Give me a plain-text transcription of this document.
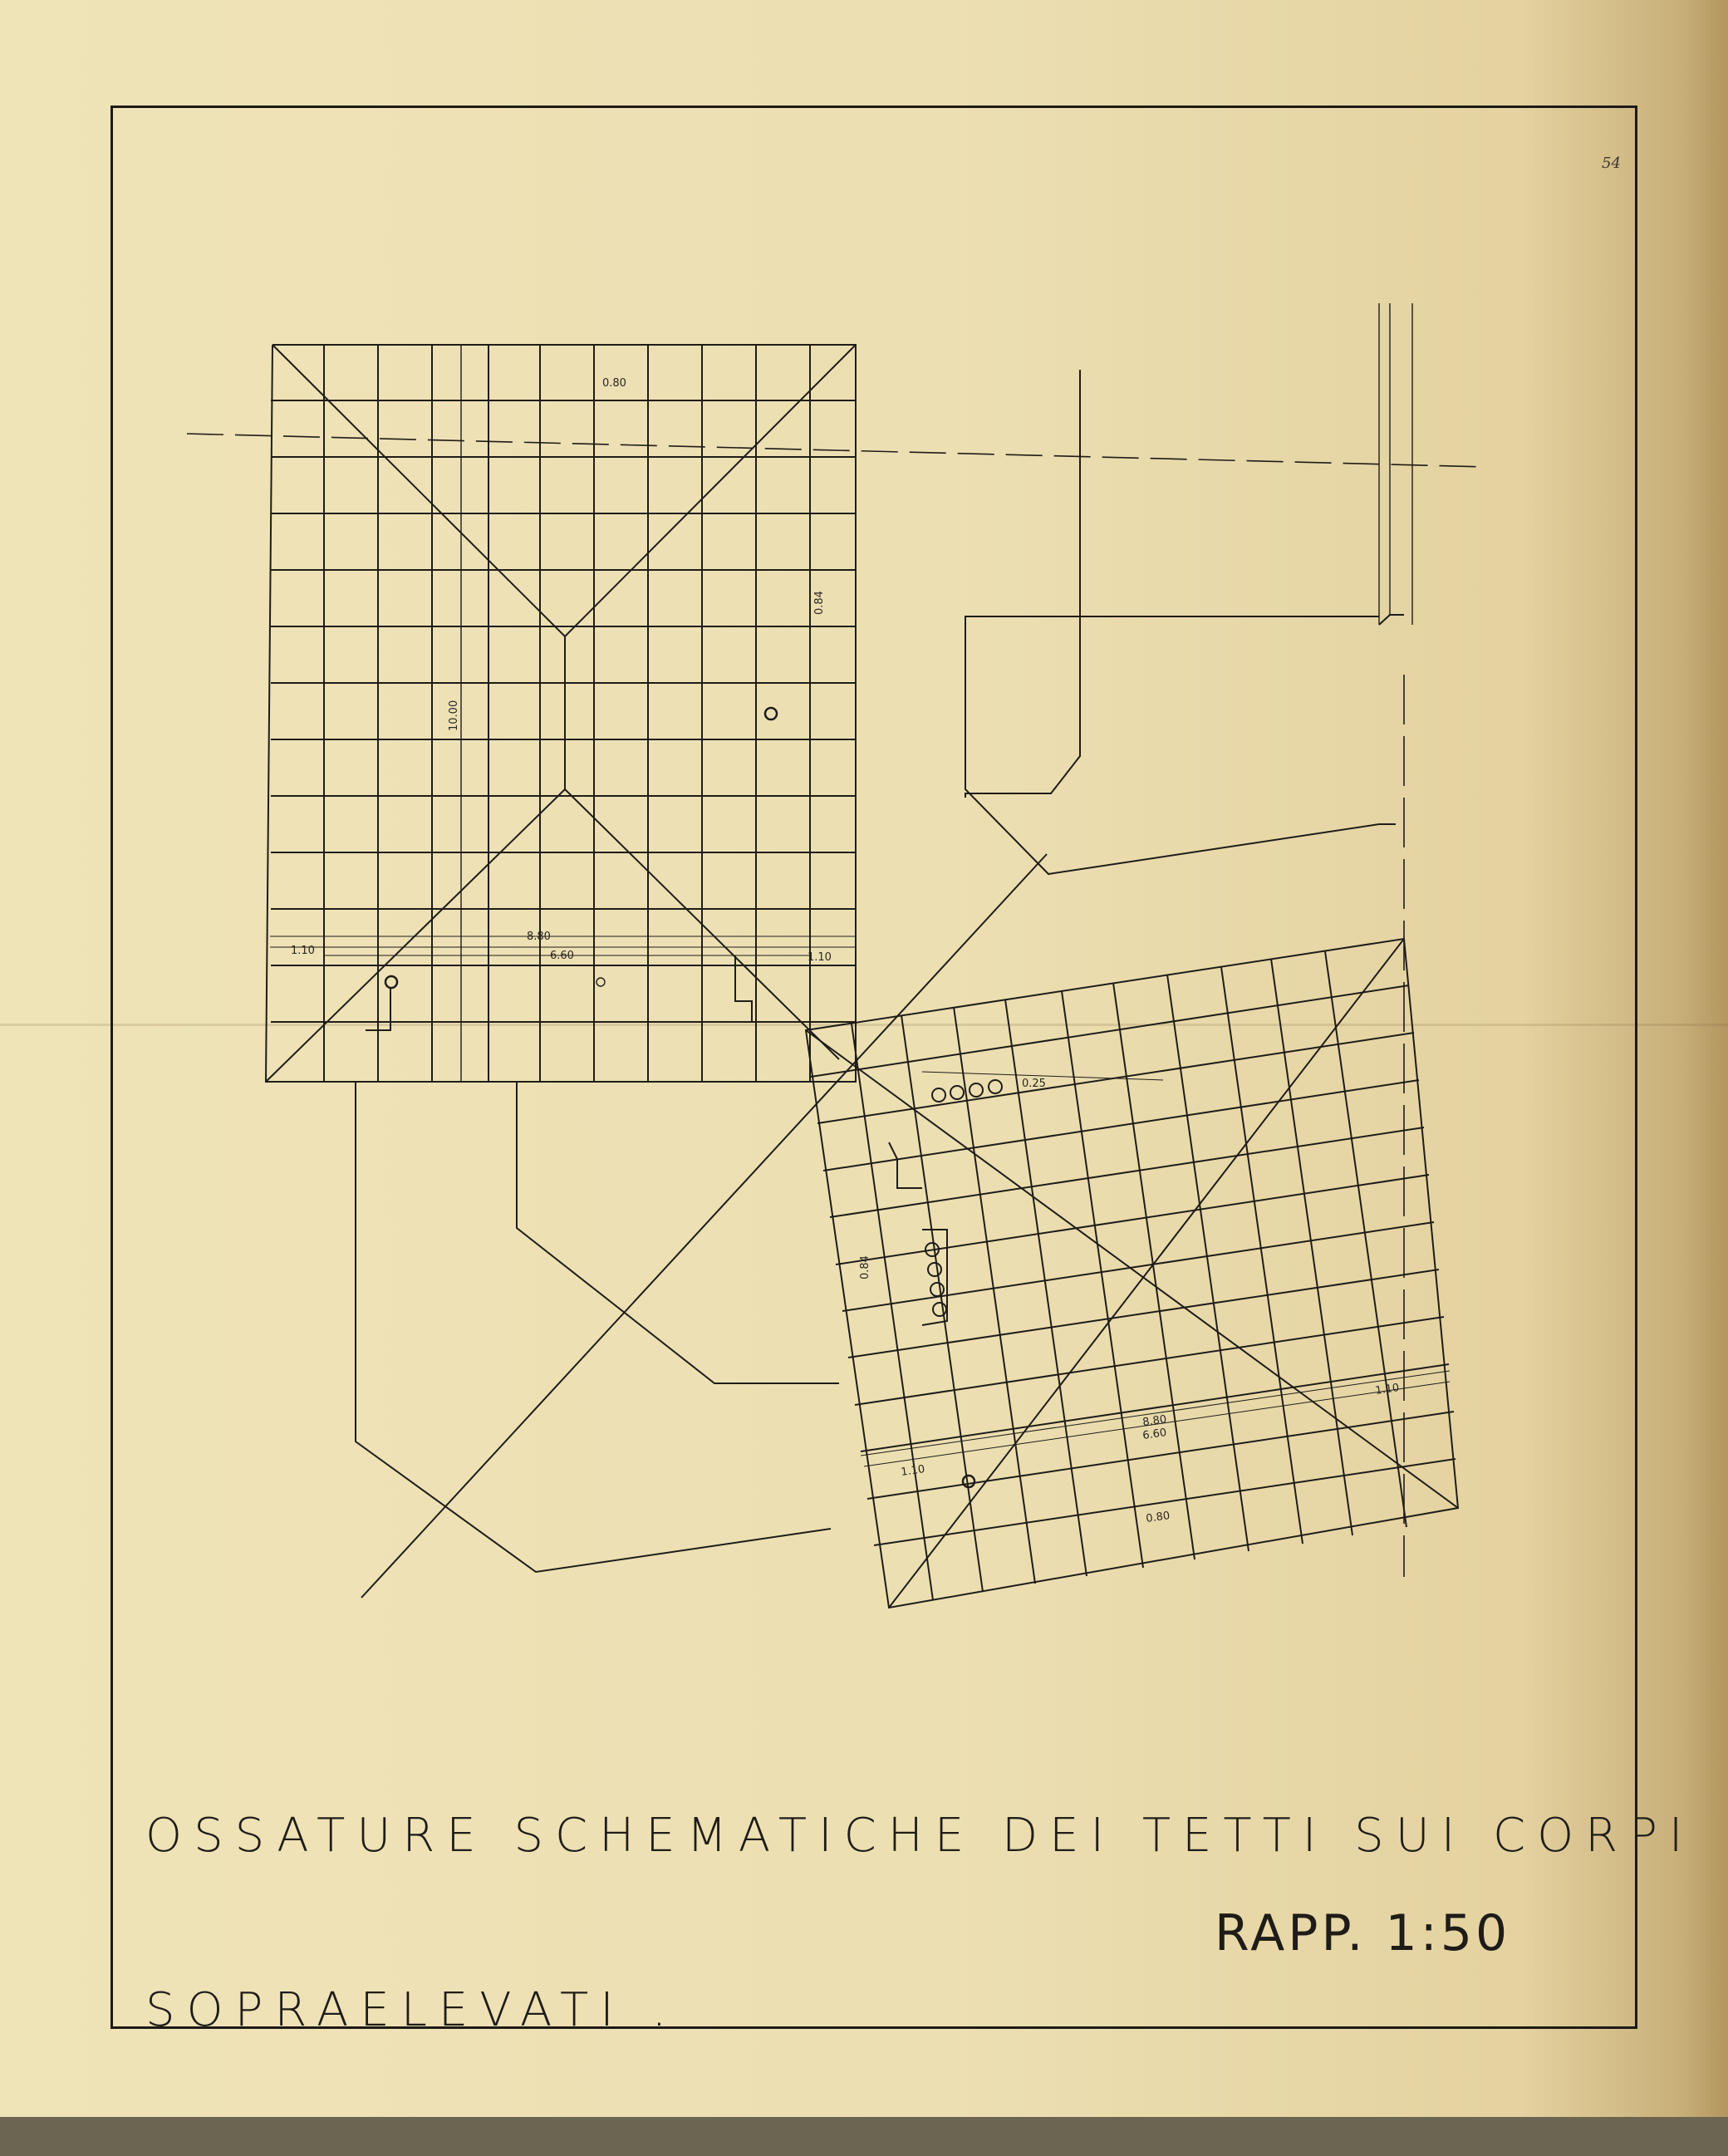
0.80
0.84
10.00
8.80
6.60
1.10
1.10
0.25
0.84
8.80
6.60
1.10
1.10
0.80
54

OSSATURE SCHEMATICHE DEI TETTI SUI CORPI

SOPRAELEVATI .

RAPP. 1:50
